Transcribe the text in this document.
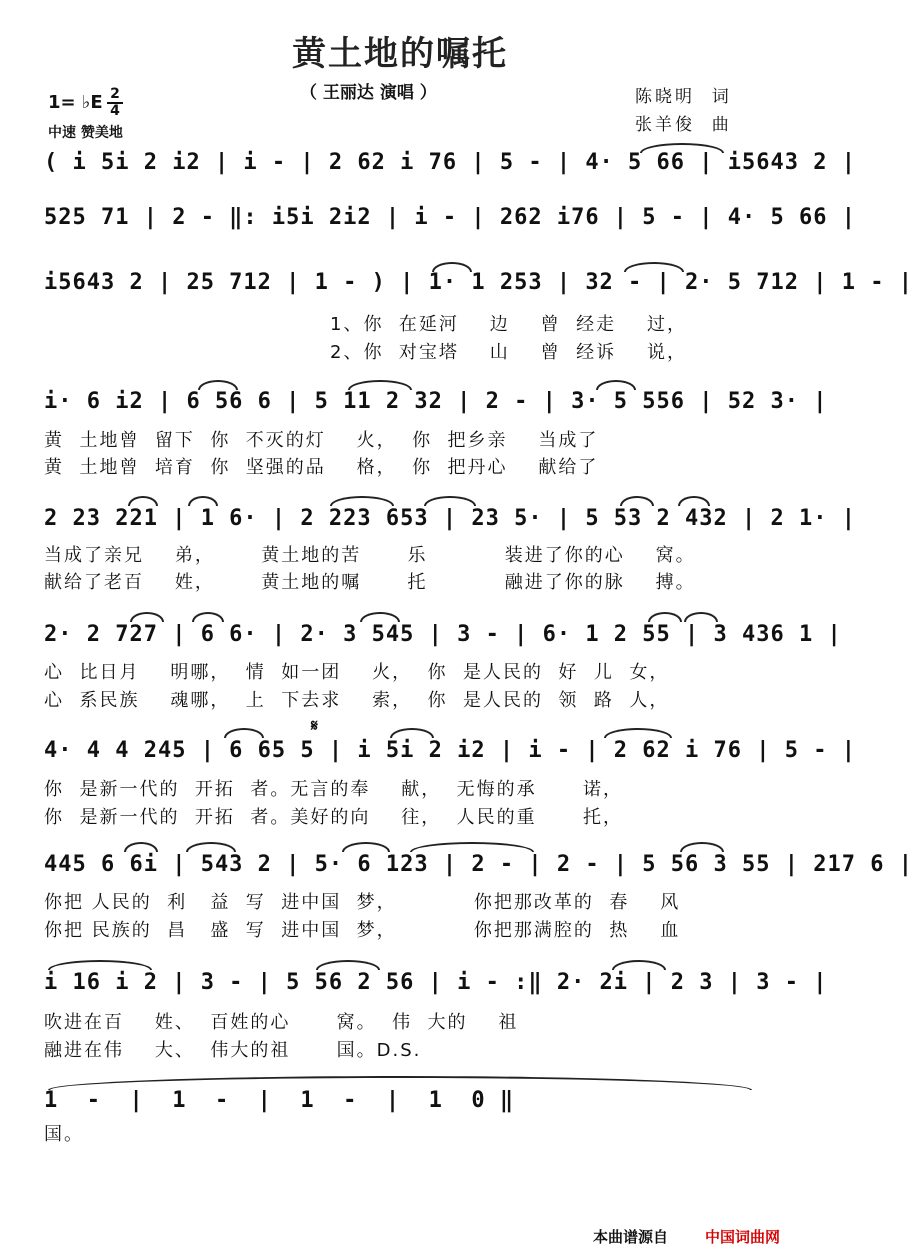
黄土地的嘱托
（ 王丽达 演唱 ）	陈晓明  词
张羊俊  曲
1= ♭E 2
4
中速 赞美地
( i 5i 2 i2 | i - | 2 62 i 76 | 5 - | 4· 5 66 | i5643 2 |
525 71 | 2 - ‖: i5i 2i2 | i - | 262 i76 | 5 - | 4· 5 66 |
i5643 2 | 25 712 | 1 - ) | 1· 1 253 | 32 - | 2· 5 712 | 1 - |
1、你  在延河    边    曾  经走    过，
2、你  对宝塔    山    曾  经诉    说，
i· 6 i2 | 6 56 6 | 5 11 2 32 | 2 - | 3· 5 556 | 52 3· |
黄  土地曾  留下  你  不灭的灯    火，  你  把乡亲    当成了
黄  土地曾  培育  你  坚强的品    格，  你  把丹心    献给了
2 23 221 | 1 6· | 2 223 653 | 23 5· | 5 53 2 432 | 2 1· |
当成了亲兄    弟，      黄土地的苦      乐          装进了你的心    窝。
献给了老百    姓，      黄土地的嘱      托          融进了你的脉    搏。
2· 2 727 | 6 6· | 2· 3 545 | 3 - | 6· 1 2 55 | 3 436 1 |
心  比日月    明哪，  情  如一团    火，  你  是人民的  好  儿  女，
心  系民族    魂哪，  上  下去求    索，  你  是人民的  领  路  人，
𝄋
4· 4 4 245 | 6 65 5 | i 5i 2 i2 | i - | 2 62 i 76 | 5 - |
你  是新一代的  开拓  者。无言的奉    献，  无悔的承      诺，
你  是新一代的  开拓  者。美好的向    往，  人民的重      托，
445 6 6i | 543 2 | 5· 6 123 | 2 - | 2 - | 5 56 3 55 | 217 6 |
你把 人民的  利   益  写  进中国  梦，          你把那改革的  春    风
你把 民族的  昌   盛  写  进中国  梦，          你把那满腔的  热    血
i 16 i 2 | 3 - | 5 56 2 56 | i - :‖ 2· 2i | 2 3 | 3 - |
吹进在百    姓、  百姓的心      窝。  伟  大的    祖
融进在伟    大、  伟大的祖      国。D.S.
1  -  |  1  -  |  1  -  |  1  0 ‖
国。
本曲谱源自 中国词曲网
